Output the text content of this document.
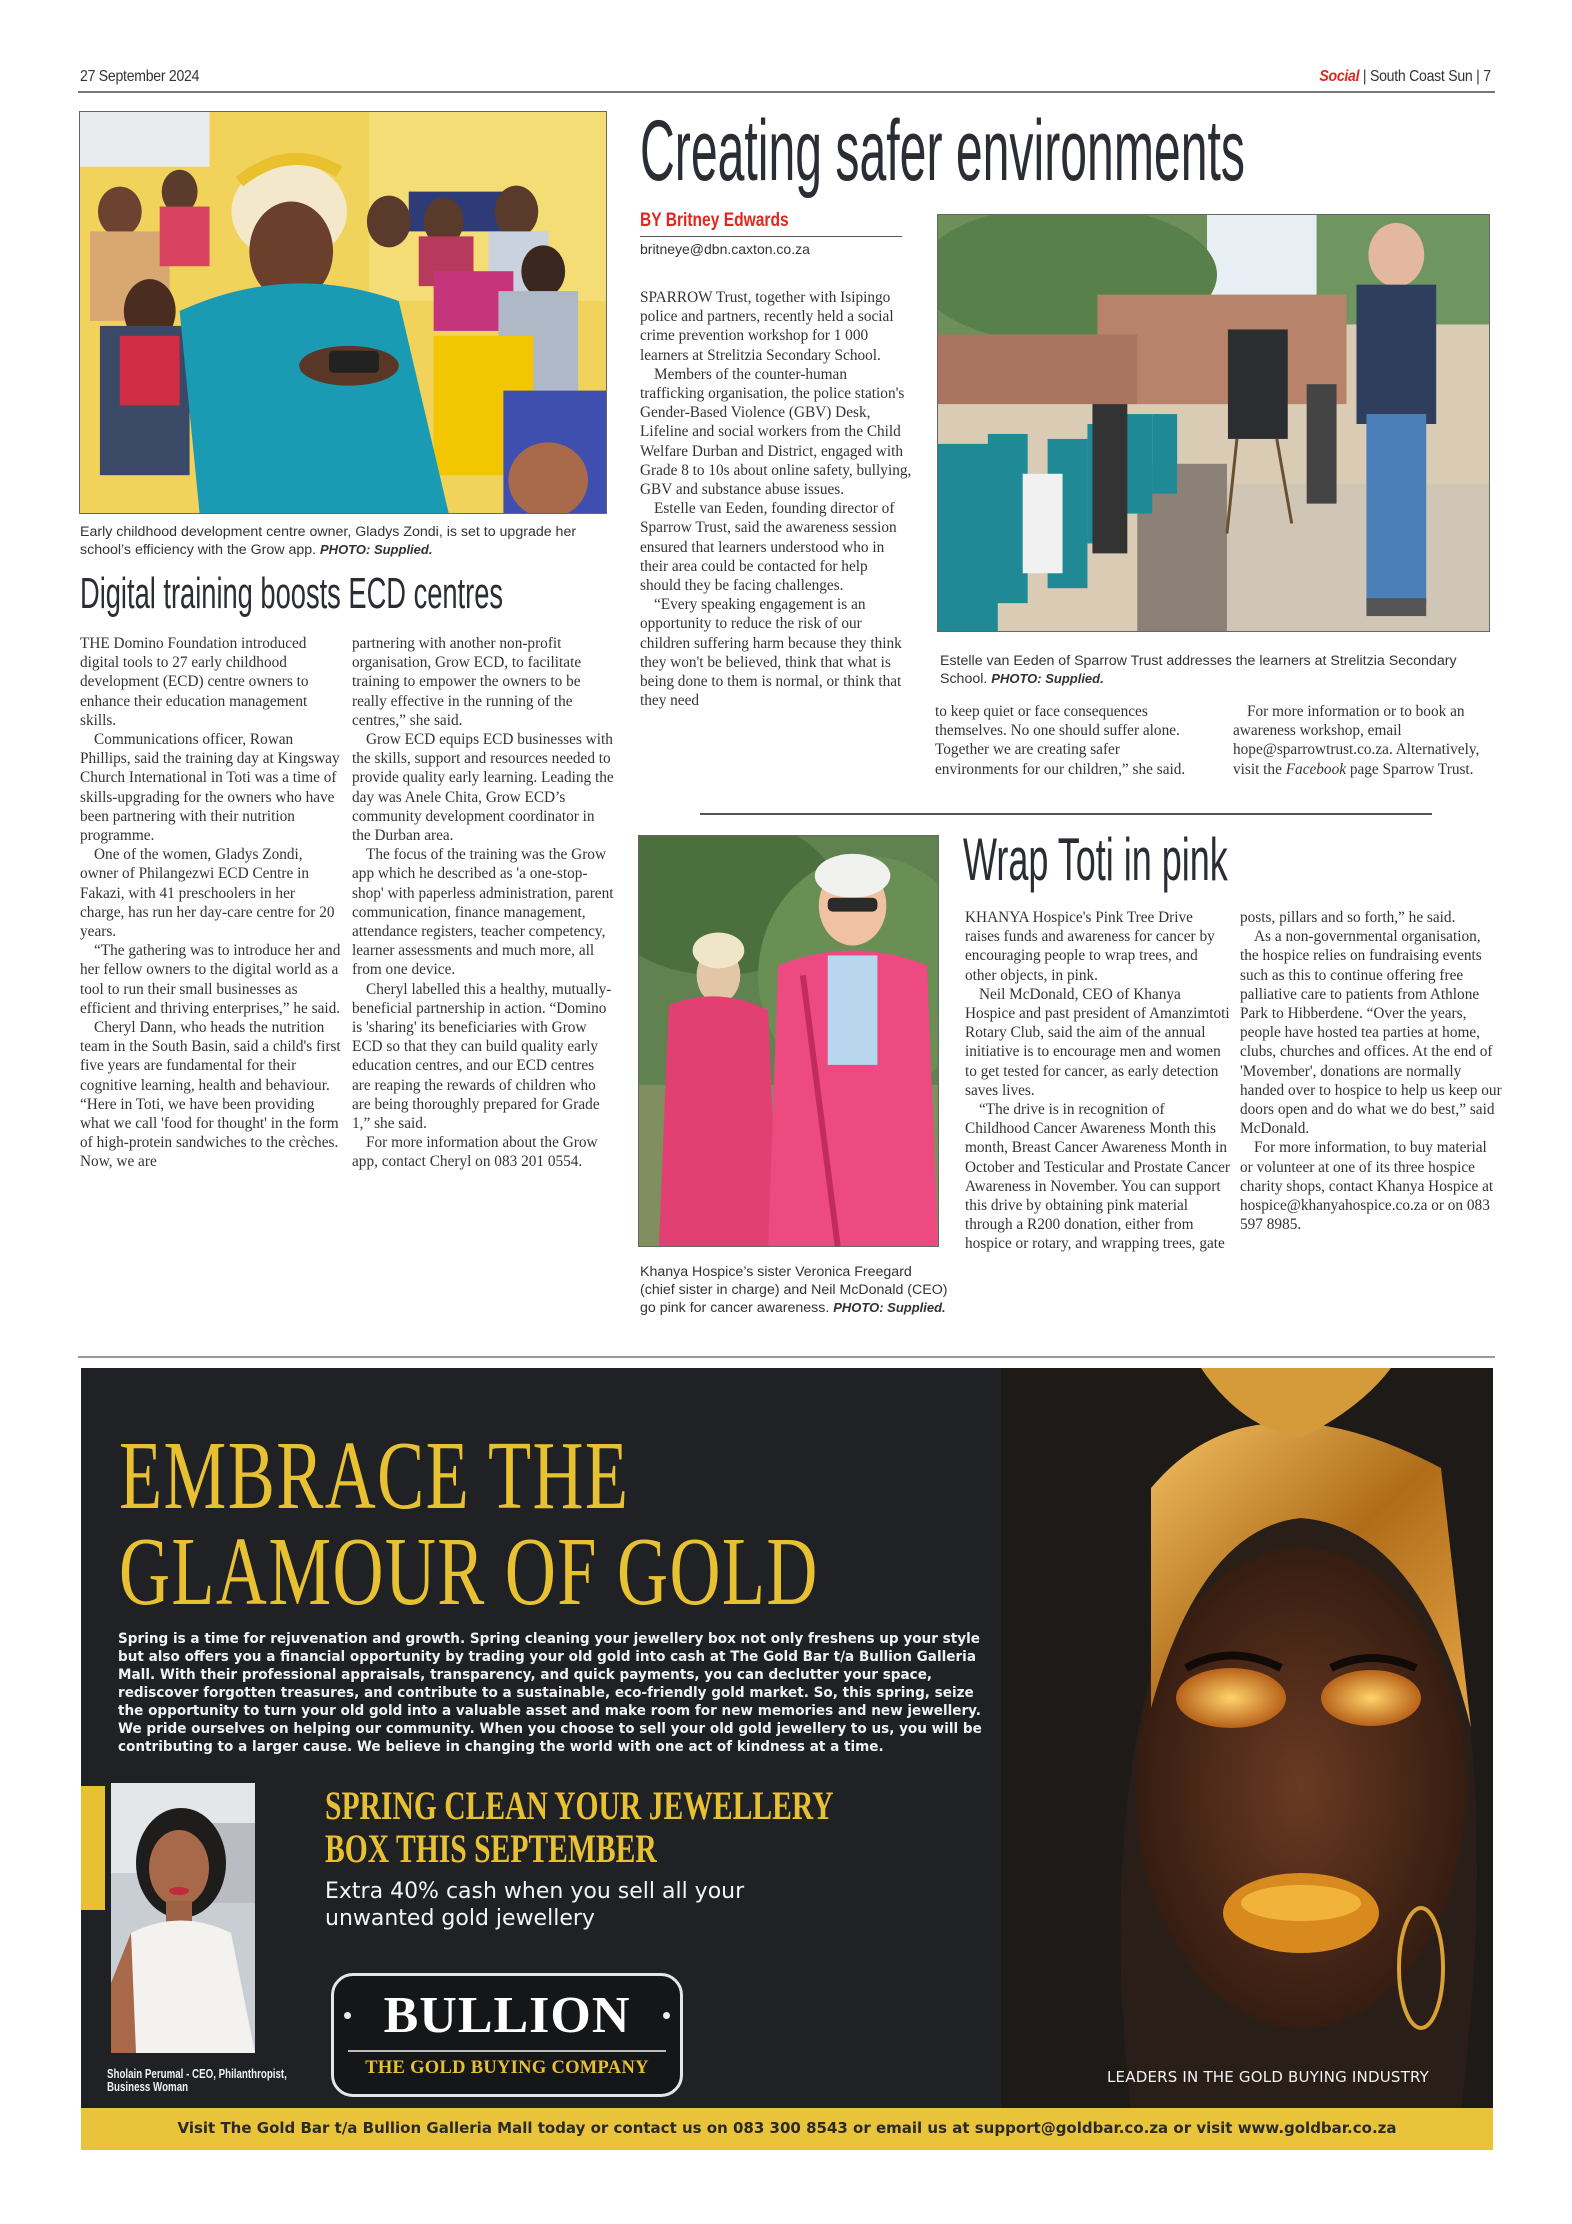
27 September 2024	Social | South Coast Sun | 7
Early childhood development centre owner, Gladys Zondi, is set to upgrade her school’s efficiency with the Grow app. PHOTO: Supplied.
Digital training boosts ECD centres

THE Domino Foundation introduced digital tools to 27 early childhood development (ECD) centre owners to enhance their education management skills.

Communications officer, Rowan Phillips, said the training day at Kingsway Church International in Toti was a time of skills-upgrading for the owners who have been partnering with their nutrition programme.

One of the women, Gladys Zondi, owner of Philangezwi ECD Centre in Fakazi, with 41 preschoolers in her charge, has run her day-care centre for 20 years.

“The gathering was to introduce her and her fellow owners to the digital world as a tool to run their small businesses as efficient and thriving enterprises,” he said.

Cheryl Dann, who heads the nutrition team in the South Basin, said a child's first five years are fundamental for their cognitive learning, health and behaviour. “Here in Toti, we have been providing what we call 'food for thought' in the form of high-protein sandwiches to the crèches. Now, we are

partnering with another non-profit organisation, Grow ECD, to facilitate training to empower the owners to be really effective in the running of the centres,” she said.

Grow ECD equips ECD businesses with the skills, support and resources needed to provide quality early learning. Leading the day was Anele Chita, Grow ECD’s community development coordinator in the Durban area.

The focus of the training was the Grow app which he described as 'a one-stop-shop' with paperless administration, parent communication, finance management, attendance registers, teacher competency, learner assessments and much more, all from one device.

Cheryl labelled this a healthy, mutually-beneficial partnership in action. “Domino is 'sharing' its beneficiaries with Grow ECD so that they can build quality early education centres, and our ECD centres are reaping the rewards of children who are being thoroughly prepared for Grade 1,” she said.

For more information about the Grow app, contact Cheryl on 083 201 0554.

Creating safer environments
BY Britney Edwards
britneye@dbn.caxton.co.za

SPARROW Trust, together with Isipingo police and partners, recently held a social crime prevention workshop for 1 000 learners at Strelitzia Secondary School.

Members of the counter-human trafficking organisation, the police station's Gender-Based Violence (GBV) Desk, Lifeline and social workers from the Child Welfare Durban and District, engaged with Grade 8 to 10s about online safety, bullying, GBV and substance abuse issues.

Estelle van Eeden, founding director of Sparrow Trust, said the awareness session ensured that learners understood who in their area could be contacted for help should they be facing challenges.

“Every speaking engagement is an opportunity to reduce the risk of our children suffering harm because they think they won't be believed, think that what is being done to them is normal, or think that they need

Estelle van Eeden of Sparrow Trust addresses the learners at Strelitzia Secondary School. PHOTO: Supplied.

to keep quiet or face consequences themselves. No one should suffer alone. Together we are creating safer environments for our children,” she said.

For more information or to book an awareness workshop, email hope@sparrowtrust.co.za. Alternatively, visit the Facebook page Sparrow Trust.

Khanya Hospice’s sister Veronica Freegard (chief sister in charge) and Neil McDonald (CEO) go pink for cancer awareness. PHOTO: Supplied.
Wrap Toti in pink

KHANYA Hospice's Pink Tree Drive raises funds and awareness for cancer by encouraging people to wrap trees, and other objects, in pink.

Neil McDonald, CEO of Khanya Hospice and past president of Amanzimtoti Rotary Club, said the aim of the annual initiative is to encourage men and women to get tested for cancer, as early detection saves lives.

“The drive is in recognition of Childhood Cancer Awareness Month this month, Breast Cancer Awareness Month in October and Testicular and Prostate Cancer Awareness in November. You can support this drive by obtaining pink material through a R200 donation, either from hospice or rotary, and wrapping trees, gate

posts, pillars and so forth,” he said.

As a non-governmental organisation, the hospice relies on fundraising events such as this to continue offering free palliative care to patients from Athlone Park to Hibberdene. “Over the years, people have hosted tea parties at home, clubs, churches and offices. At the end of 'Movember', donations are normally handed over to hospice to help us keep our doors open and do what we do best,” said McDonald.

For more information, to buy material or volunteer at one of its three hospice charity shops, contact Khanya Hospice at hospice@khanyahospice.co.za or on 083 597 8985.

EMBRACE THE
GLAMOUR OF GOLD
Spring is a time for rejuvenation and growth. Spring cleaning your jewellery box not only freshens up your style but also offers you a financial opportunity by trading your old gold into cash at The Gold Bar t/a Bullion Galleria Mall. With their professional appraisals, transparency, and quick payments, you can declutter your space, rediscover forgotten treasures, and contribute to a sustainable, eco-friendly gold market. So, this spring, seize the opportunity to turn your old gold into a valuable asset and make room for new memories and new jewellery. We pride ourselves on helping our community. When you choose to sell your old gold jewellery to us, you will be contributing to a larger cause. We believe in changing the world with one act of kindness at a time.
Sholain Perumal - CEO, Philanthropist,
Business Woman
SPRING CLEAN YOUR JEWELLERY
BOX THIS SEPTEMBER
Extra 40% cash when you sell all your
unwanted gold jewellery
BULLION
THE GOLD BUYING COMPANY	LEADERS IN THE GOLD BUYING INDUSTRY
Visit The Gold Bar t/a Bullion Galleria Mall today or contact us on 083 300 8543 or email us at support@goldbar.co.za or visit www.goldbar.co.za
